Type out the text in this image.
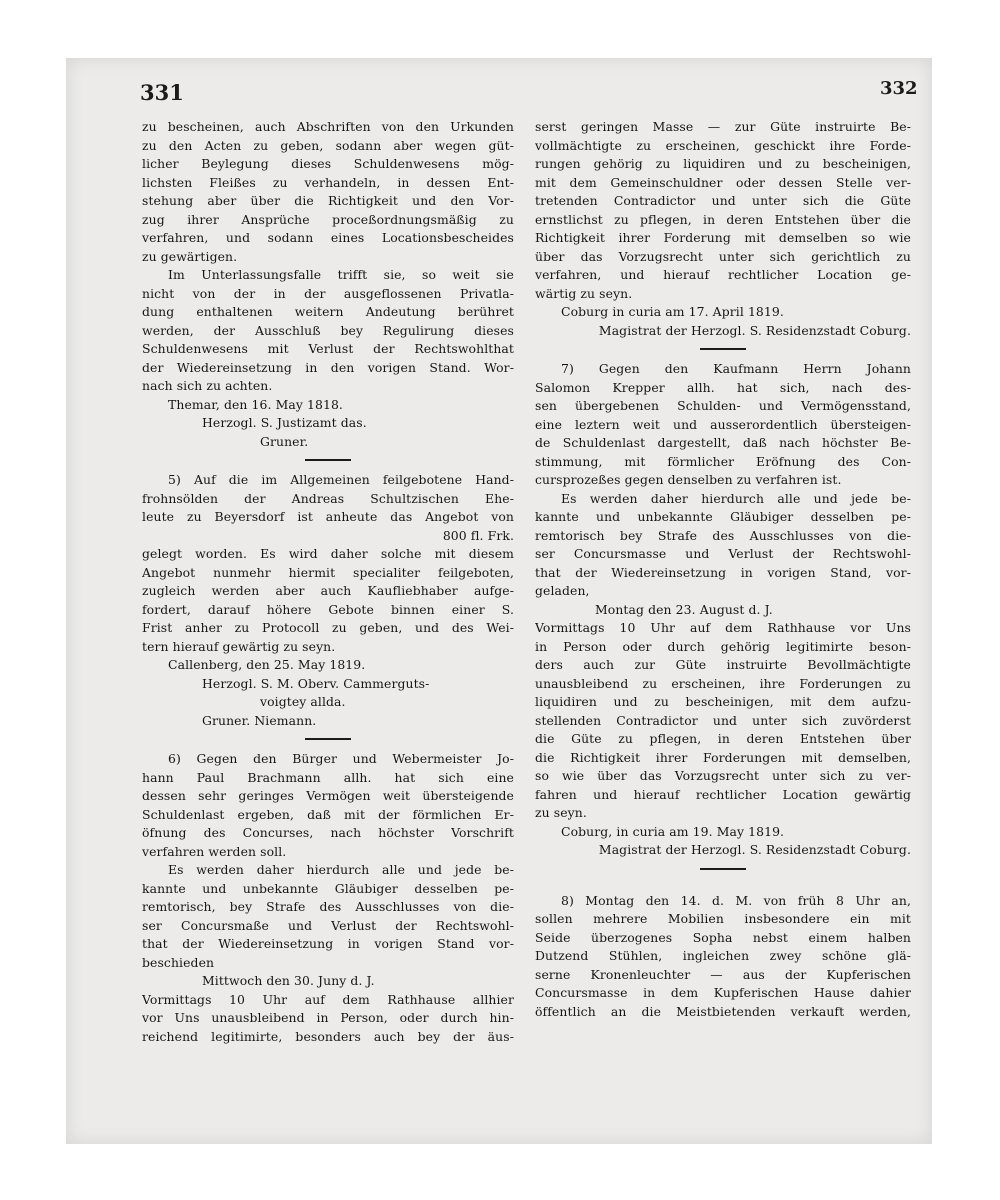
331	332
zu bescheinen, auch Abschriften von den Urkunden
zu den Acten zu geben, sodann aber wegen güt-
licher Beylegung dieses Schuldenwesens mög-
lichsten Fleißes zu verhandeln, in dessen Ent-
stehung aber über die Richtigkeit und den Vor-
zug ihrer Ansprüche proceßordnungsmäßig zu
verfahren, und sodann eines Locationsbescheides
zu gewärtigen.
Im Unterlassungsfalle trifft sie, so weit sie
nicht von der in der ausgeflossenen Privatla-
dung enthaltenen weitern Andeutung berühret
werden, der Ausschluß bey Regulirung dieses
Schuldenwesens mit Verlust der Rechtswohlthat
der Wiedereinsetzung in den vorigen Stand. Wor-
nach sich zu achten.
Themar, den 16. May 1818.
Herzogl. S. Justizamt das.
Gruner.
5) Auf die im Allgemeinen feilgebotene Hand-
frohnsölden der Andreas Schultzischen Ehe-
leute zu Beyersdorf ist anheute das Angebot von
800 fl. Frk.
gelegt worden. Es wird daher solche mit diesem
Angebot nunmehr hiermit specialiter feilgeboten,
zugleich werden aber auch Kaufliebhaber aufge-
fordert, darauf höhere Gebote binnen einer S.
Frist anher zu Protocoll zu geben, und des Wei-
tern hierauf gewärtig zu seyn.
Callenberg, den 25. May 1819.
Herzogl. S. M. Oberv. Cammerguts-
voigtey allda.
Gruner. Niemann.
6) Gegen den Bürger und Webermeister Jo-
hann Paul Brachmann allh. hat sich eine
dessen sehr geringes Vermögen weit übersteigende
Schuldenlast ergeben, daß mit der förmlichen Er-
öfnung des Concurses, nach höchster Vorschrift
verfahren werden soll.
Es werden daher hierdurch alle und jede be-
kannte und unbekannte Gläubiger desselben pe-
remtorisch, bey Strafe des Ausschlusses von die-
ser Concursmaße und Verlust der Rechtswohl-
that der Wiedereinsetzung in vorigen Stand vor-
beschieden
Mittwoch den 30. Juny d. J.
Vormittags 10 Uhr auf dem Rathhause allhier
vor Uns unausbleibend in Person, oder durch hin-
reichend legitimirte, besonders auch bey der äus-
serst geringen Masse — zur Güte instruirte Be-
vollmächtigte zu erscheinen, geschickt ihre Forde-
rungen gehörig zu liquidiren und zu bescheinigen,
mit dem Gemeinschuldner oder dessen Stelle ver-
tretenden Contradictor und unter sich die Güte
ernstlichst zu pflegen, in deren Entstehen über die
Richtigkeit ihrer Forderung mit demselben so wie
über das Vorzugsrecht unter sich gerichtlich zu
verfahren, und hierauf rechtlicher Location ge-
wärtig zu seyn.
Coburg in curia am 17. April 1819.
Magistrat der Herzogl. S. Residenzstadt Coburg.
7) Gegen den Kaufmann Herrn Johann
Salomon Krepper allh. hat sich, nach des-
sen übergebenen Schulden- und Vermögensstand,
eine leztern weit und ausserordentlich übersteigen-
de Schuldenlast dargestellt, daß nach höchster Be-
stimmung, mit förmlicher Eröfnung des Con-
cursprozeßes gegen denselben zu verfahren ist.
Es werden daher hierdurch alle und jede be-
kannte und unbekannte Gläubiger desselben pe-
remtorisch bey Strafe des Ausschlusses von die-
ser Concursmasse und Verlust der Rechtswohl-
that der Wiedereinsetzung in vorigen Stand, vor-
geladen,
Montag den 23. August d. J.
Vormittags 10 Uhr auf dem Rathhause vor Uns
in Person oder durch gehörig legitimirte beson-
ders auch zur Güte instruirte Bevollmächtigte
unausbleibend zu erscheinen, ihre Forderungen zu
liquidiren und zu bescheinigen, mit dem aufzu-
stellenden Contradictor und unter sich zuvörderst
die Güte zu pflegen, in deren Entstehen über
die Richtigkeit ihrer Forderungen mit demselben,
so wie über das Vorzugsrecht unter sich zu ver-
fahren und hierauf rechtlicher Location gewärtig
zu seyn.
Coburg, in curia am 19. May 1819.
Magistrat der Herzogl. S. Residenzstadt Coburg.
8) Montag den 14. d. M. von früh 8 Uhr an,
sollen mehrere Mobilien insbesondere ein mit
Seide überzogenes Sopha nebst einem halben
Dutzend Stühlen, ingleichen zwey schöne glä-
serne Kronenleuchter — aus der Kupferischen
Concursmasse in dem Kupferischen Hause dahier
öffentlich an die Meistbietenden verkauft werden,
